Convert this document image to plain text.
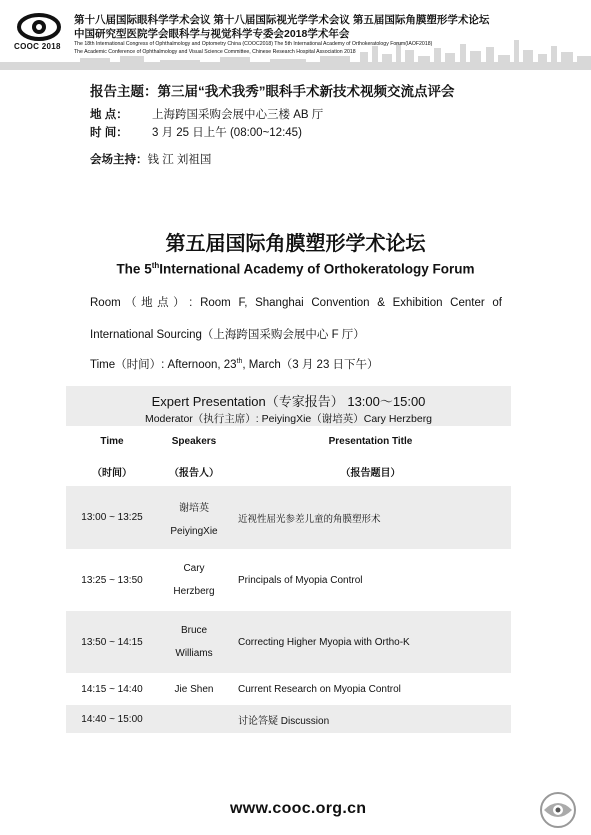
COOC 2018
第十八届国际眼科学学术会议 第十八届国际视光学学术会议 第五届国际角膜塑形学术论坛
中国研究型医院学会眼科学与视觉科学专委会2018学术年会
The 18th International Congress of Ophthalmology and Optometry China (COOC2018) The 5th International Academy of Orthokeratology Forum(IAOF2018)
The Academic Conference of Ophthalmology and Visual Science Committee, Chinese Research Hospital Association 2018
报告主题：第三届“我术我秀”眼科手术新技术视频交流点评会
地 点： 上海跨国采购会展中心三楼 AB 厅
时 间： 3 月 25 日上午 (08:00~12:45)
会场主持：钱 江 刘祖国
第五届国际角膜塑形学术论坛
The 5thInternational Academy of Orthokeratology Forum
Room（地点）: Room F, Shanghai Convention & Exhibition Center of
International Sourcing（上海跨国采购会展中心 F 厅）
Time（时间）: Afternoon, 23th, March（3 月 23 日下午）
Expert Presentation（专家报告） 13:00～15:00		
Moderator（执行主席）: PeiyingXie（谢培英）Cary Herzberg		
Time	Speakers	Presentation Title
（时间）	（报告人）	（报告题目）
13:00 ~ 13:25	谢培英
PeiyingXie	近视性屈光参差儿童的角膜塑形术
13:25 ~ 13:50	Cary
Herzberg	Principals of Myopia Control
13:50 ~ 14:15	Bruce
Williams	Correcting Higher Myopia with Ortho-K
14:15 ~ 14:40	Jie Shen	Current Research on Myopia Control
14:40 ~ 15:00		讨论答疑 Discussion
www.cooc.org.cn
